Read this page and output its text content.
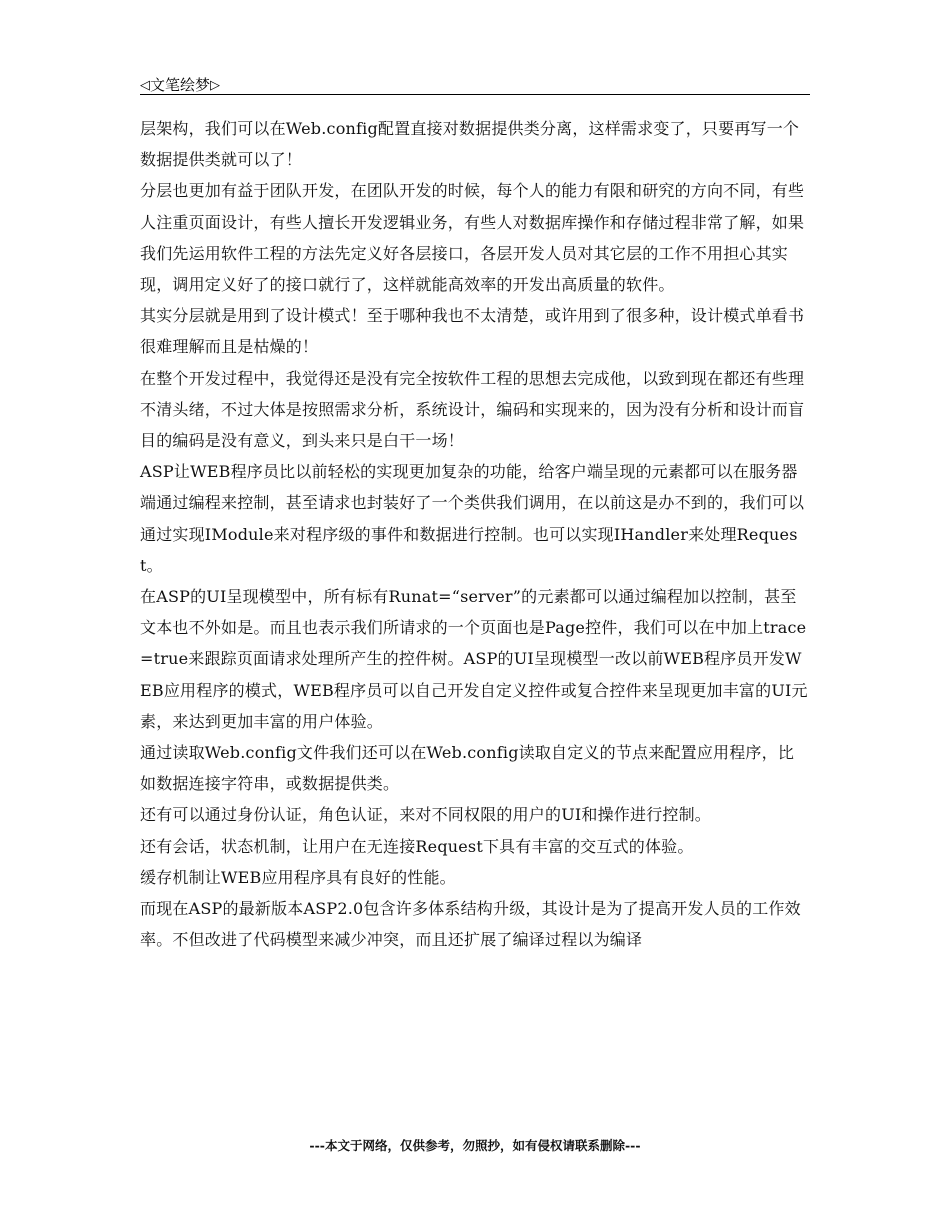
◁文笔绘梦▷

层架构，我们可以在Web.config配置直接对数据提供类分离，这样需求变了，只要再写一个数据提供类就可以了！

分层也更加有益于团队开发，在团队开发的时候，每个人的能力有限和研究的方向不同，有些人注重页面设计，有些人擅长开发逻辑业务，有些人对数据库操作和存储过程非常了解，如果我们先运用软件工程的方法先定义好各层接口，各层开发人员对其它层的工作不用担心其实现，调用定义好了的接口就行了，这样就能高效率的开发出高质量的软件。

其实分层就是用到了设计模式！至于哪种我也不太清楚，或许用到了很多种，设计模式单看书很难理解而且是枯燥的！

在整个开发过程中，我觉得还是没有完全按软件工程的思想去完成他，以致到现在都还有些理不清头绪，不过大体是按照需求分析，系统设计，编码和实现来的，因为没有分析和设计而盲目的编码是没有意义，到头来只是白干一场！

ASP让WEB程序员比以前轻松的实现更加复杂的功能，给客户端呈现的元素都可以在服务器端通过编程来控制，甚至请求也封装好了一个类供我们调用，在以前这是办不到的，我们可以通过实现IModule来对程序级的事件和数据进行控制。也可以实现IHandler来处理Request。

在ASP的UI呈现模型中，所有标有Runat=“server”的元素都可以通过编程加以控制，甚至文本也不外如是。而且也表示我们所请求的一个页面也是Page控件，我们可以在中加上trace=true来跟踪页面请求处理所产生的控件树。ASP的UI呈现模型一改以前WEB程序员开发WEB应用程序的模式，WEB程序员可以自己开发自定义控件或复合控件来呈现更加丰富的UI元素，来达到更加丰富的用户体验。

通过读取Web.config文件我们还可以在Web.config读取自定义的节点来配置应用程序，比如数据连接字符串，或数据提供类。

还有可以通过身份认证，角色认证，来对不同权限的用户的UI和操作进行控制。

还有会话，状态机制，让用户在无连接Request下具有丰富的交互式的体验。

缓存机制让WEB应用程序具有良好的性能。

而现在ASP的最新版本ASP2.0包含许多体系结构升级，其设计是为了提高开发人员的工作效率。不但改进了代码模型来减少冲突，而且还扩展了编译过程以为编译

---本文于网络，仅供参考，勿照抄，如有侵权请联系删除---
